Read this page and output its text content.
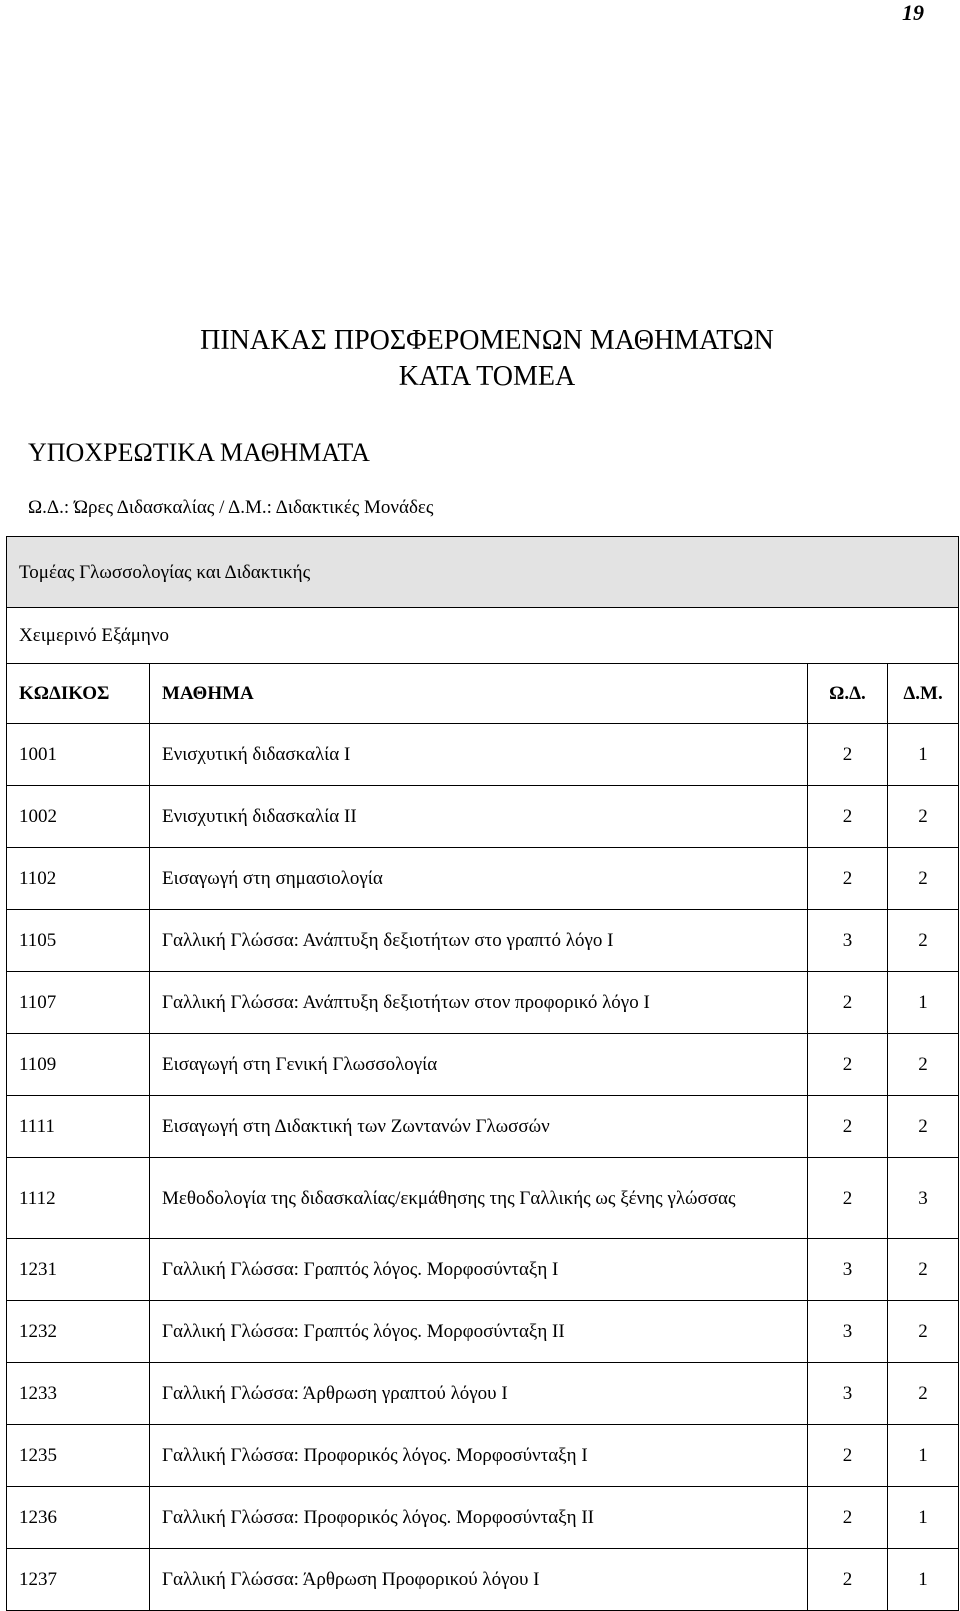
19
ΠΙΝΑΚΑΣ ΠΡΟΣΦΕΡΟΜΕΝΩΝ ΜΑΘΗΜΑΤΩΝ
ΚΑΤΑ ΤΟΜΕΑ
ΥΠΟΧΡΕΩΤΙΚΑ ΜΑΘΗΜΑΤΑ
Ω.Δ.: Ώρες Διδασκαλίας / Δ.Μ.: Διδακτικές Μονάδες
Τομέας Γλωσσολογίας και Διδακτικής			
Χειμερινό Εξάμηνο			
ΚΩΔΙΚΟΣ	ΜΑΘΗΜΑ	Ω.Δ.	Δ.Μ.
1001	Ενισχυτική διδασκαλία Ι	2	1
1002	Ενισχυτική διδασκαλία ΙΙ	2	2
1102	Εισαγωγή στη σημασιολογία	2	2
1105	Γαλλική Γλώσσα: Ανάπτυξη δεξιοτήτων στο γραπτό λόγο Ι	3	2
1107	Γαλλική Γλώσσα: Ανάπτυξη δεξιοτήτων στον προφορικό λόγο Ι	2	1
1109	Εισαγωγή στη Γενική Γλωσσολογία	2	2
1111	Εισαγωγή στη Διδακτική των Ζωντανών Γλωσσών	2	2
1112	Μεθοδολογία της διδασκαλίας/εκμάθησης της Γαλλικής ως ξένης γλώσσας	2	3
1231	Γαλλική Γλώσσα: Γραπτός λόγος. Μορφοσύνταξη Ι	3	2
1232	Γαλλική Γλώσσα: Γραπτός λόγος. Μορφοσύνταξη ΙΙ	3	2
1233	Γαλλική Γλώσσα: Άρθρωση γραπτού λόγου Ι	3	2
1235	Γαλλική Γλώσσα: Προφορικός λόγος. Μορφοσύνταξη Ι	2	1
1236	Γαλλική Γλώσσα: Προφορικός λόγος. Μορφοσύνταξη ΙΙ	2	1
1237	Γαλλική Γλώσσα: Άρθρωση Προφορικού λόγου Ι	2	1
